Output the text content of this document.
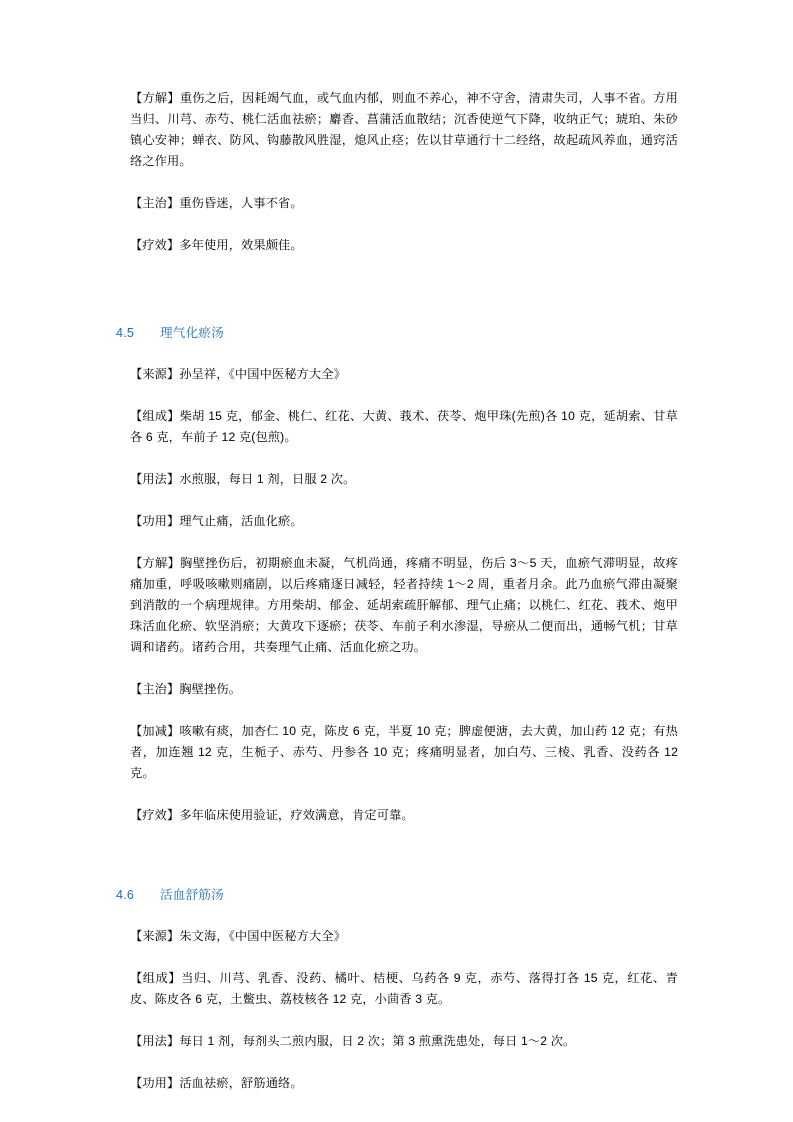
【方解】重伤之后，因耗竭气血，或气血内郁，则血不养心，神不守舍，清肃失司，人事不省。方用当归、川芎、赤芍、桃仁活血祛瘀；麝香、菖蒲活血散结；沉香使逆气下降，收纳正气；琥珀、朱砂镇心安神；蝉衣、防风、钩藤散风胜湿，熄风止痉；佐以甘草通行十二经络，故起疏风养血，通窍活络之作用。

【主治】重伤昏迷，人事不省。

【疗效】多年使用，效果颇佳。

4.5 理气化瘀汤

【来源】孙呈祥，《中国中医秘方大全》

【组成】柴胡 15 克，郁金、桃仁、红花、大黄、莪术、茯苓、炮甲珠(先煎)各 10 克，延胡索、甘草各 6 克，车前子 12 克(包煎)。

【用法】水煎服，每日 1 剂，日服 2 次。

【功用】理气止痛，活血化瘀。

【方解】胸壁挫伤后，初期瘀血未凝，气机尚通，疼痛不明显，伤后 3～5 天，血瘀气滞明显，故疼痛加重，呼吸咳嗽则痛剧，以后疼痛逐日减轻，轻者持续 1～2 周，重者月余。此乃血瘀气滞由凝聚到消散的一个病理规律。方用柴胡、郁金、延胡索疏肝解郁、理气止痛；以桃仁、红花、莪术、炮甲珠活血化瘀、软坚消瘀；大黄攻下逐瘀；茯苓、车前子利水渗湿，导瘀从二便而出，通畅气机；甘草调和诸药。诸药合用，共奏理气止痛、活血化瘀之功。

【主治】胸壁挫伤。

【加减】咳嗽有痰，加杏仁 10 克，陈皮 6 克，半夏 10 克；脾虚便溏，去大黄，加山药 12 克；有热者，加连翘 12 克，生栀子、赤芍、丹参各 10 克；疼痛明显者，加白芍、三棱、乳香、没药各 12 克。

【疗效】多年临床使用验证，疗效满意，肯定可靠。

4.6 活血舒筋汤

【来源】朱文海，《中国中医秘方大全》

【组成】当归、川芎、乳香、没药、橘叶、桔梗、乌药各 9 克，赤芍、落得打各 15 克，红花、青皮、陈皮各 6 克，土鳖虫、荔枝核各 12 克，小茴香 3 克。

【用法】每日 1 剂，每剂头二煎内服，日 2 次；第 3 煎熏洗患处，每日 1～2 次。

【功用】活血祛瘀，舒筋通络。
